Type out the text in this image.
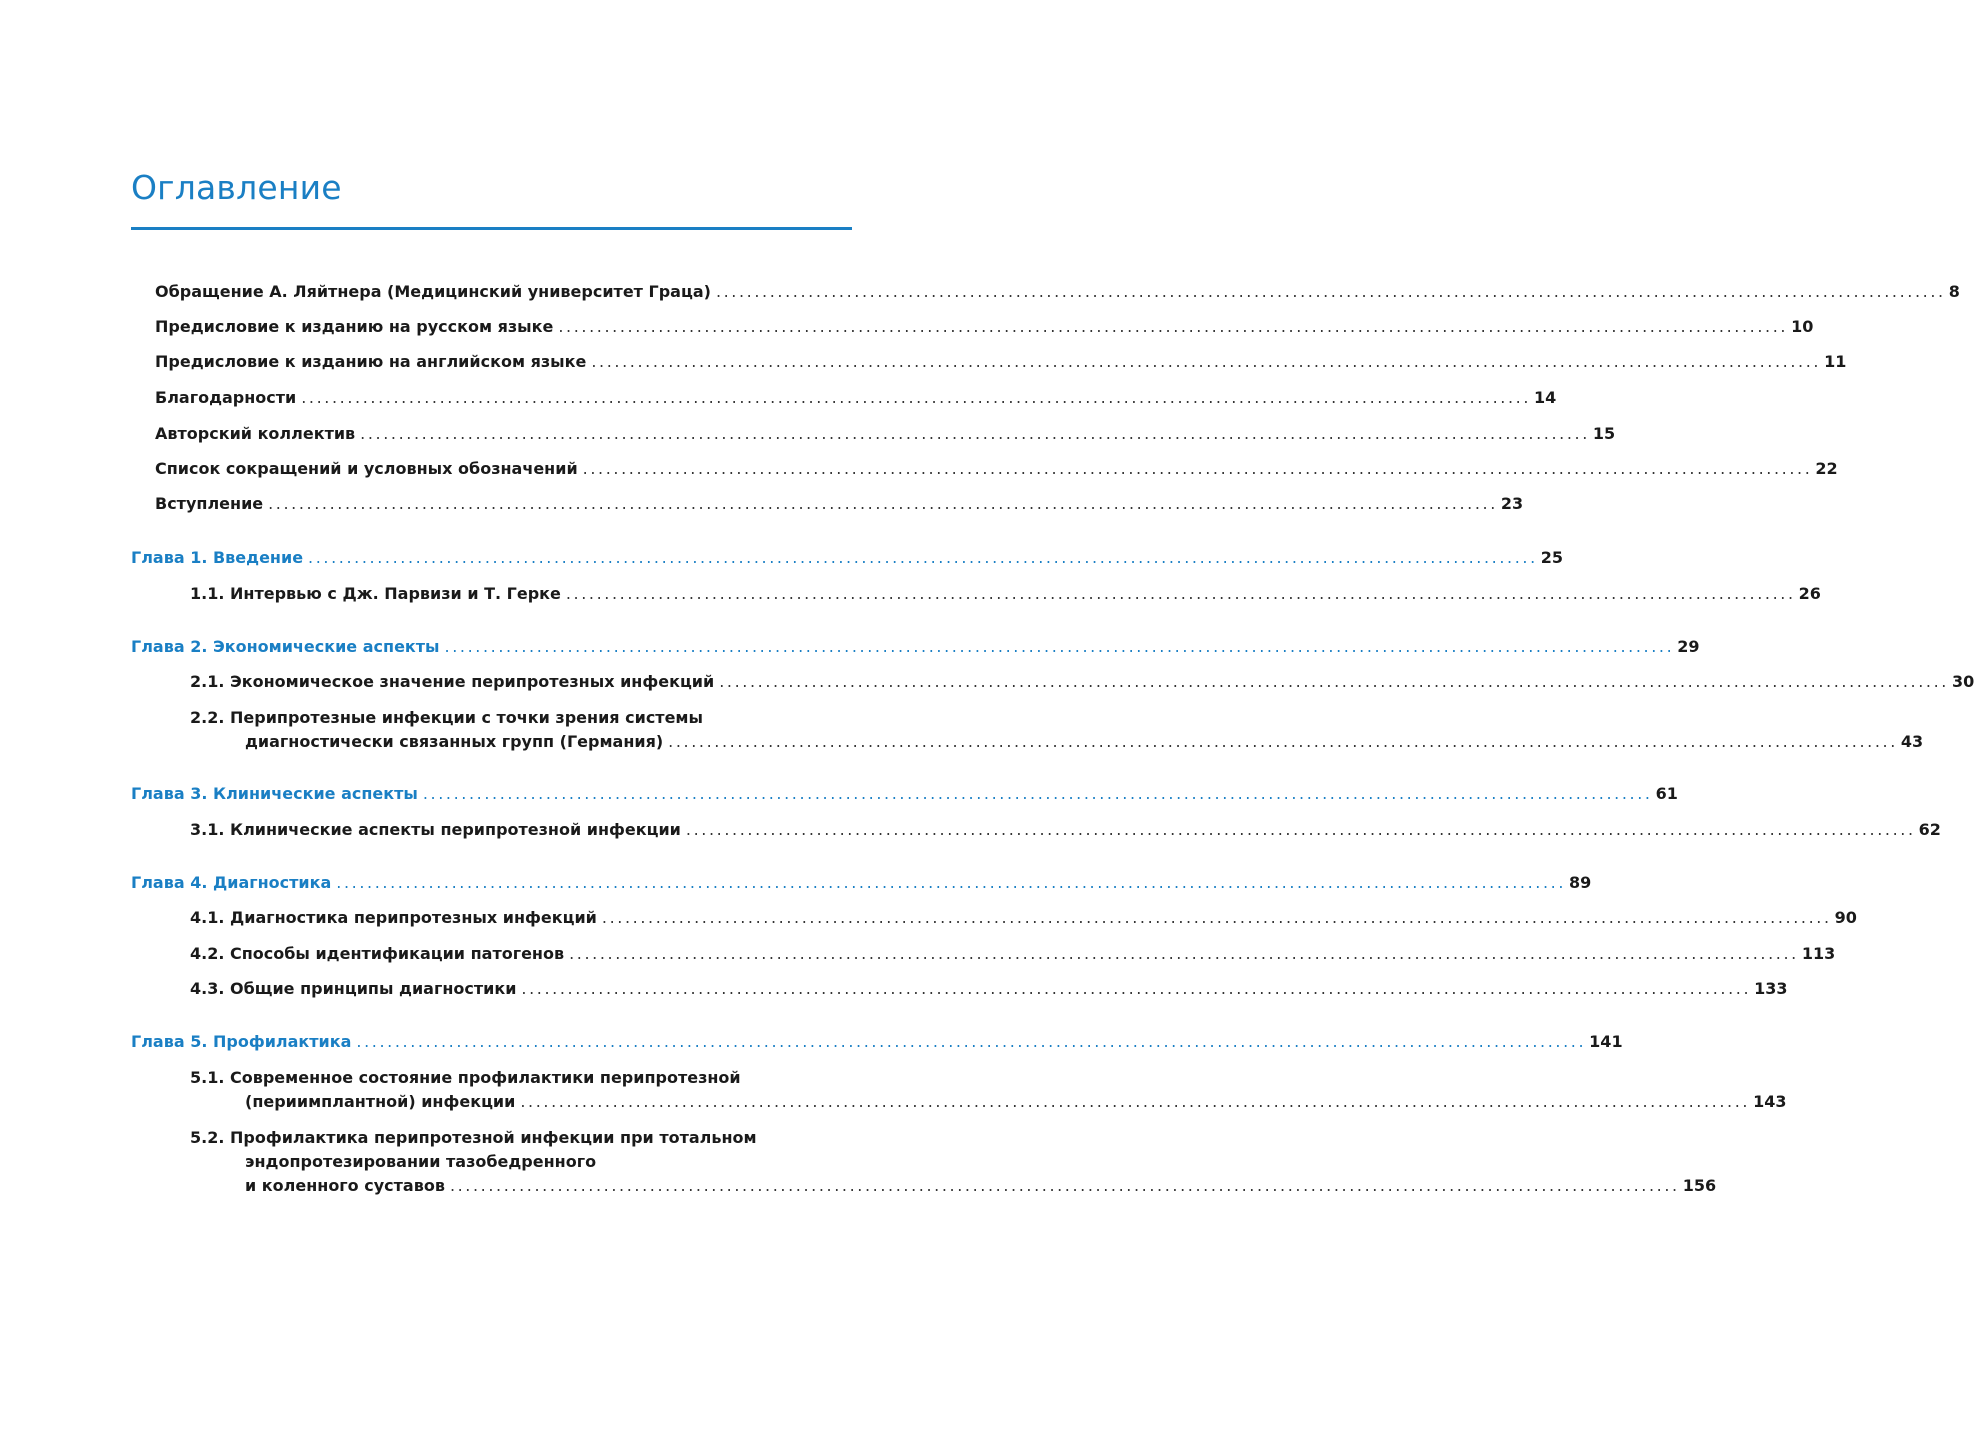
Оглавление
Обращение А. Ляйтнера (Медицинский университет Граца) ................................................................................................................................................................ 8
Предисловие к изданию на русском языке ................................................................................................................................................................ 10
Предисловие к изданию на английском языке ................................................................................................................................................................ 11
Благодарности ................................................................................................................................................................ 14
Авторский коллектив ................................................................................................................................................................ 15
Список сокращений и условных обозначений ................................................................................................................................................................ 22
Вступление ................................................................................................................................................................ 23
Глава 1. Введение ................................................................................................................................................................ 25
1.1. Интервью с Дж. Парвизи и Т. Герке ................................................................................................................................................................ 26
Глава 2. Экономические аспекты ................................................................................................................................................................ 29
2.1. Экономическое значение перипротезных инфекций ................................................................................................................................................................ 30
2.2. Перипротезные инфекции с точки зрения системы
диагностически связанных групп (Германия) ................................................................................................................................................................ 43
Глава 3. Клинические аспекты ................................................................................................................................................................ 61
3.1. Клинические аспекты перипротезной инфекции ................................................................................................................................................................ 62
Глава 4. Диагностика ................................................................................................................................................................ 89
4.1. Диагностика перипротезных инфекций ................................................................................................................................................................ 90
4.2. Способы идентификации патогенов ................................................................................................................................................................ 113
4.3. Общие принципы диагностики ................................................................................................................................................................ 133
Глава 5. Профилактика ................................................................................................................................................................ 141
5.1. Современное состояние профилактики перипротезной
(периимплантной) инфекции ................................................................................................................................................................ 143
5.2. Профилактика перипротезной инфекции при тотальном
эндопротезировании тазобедренного
и коленного суставов ................................................................................................................................................................ 156
